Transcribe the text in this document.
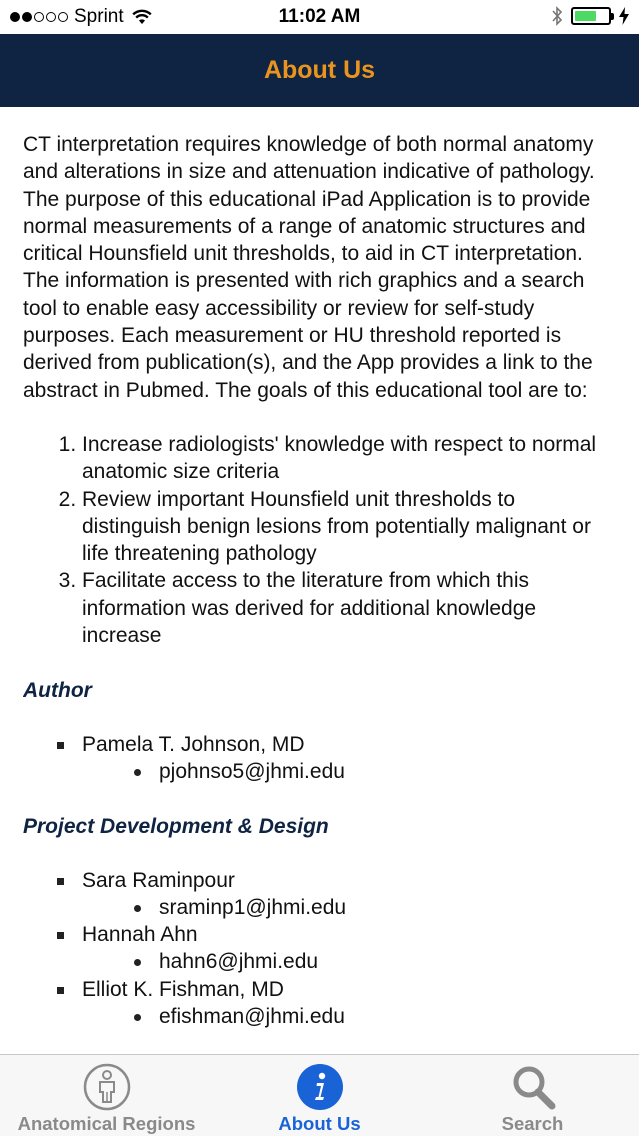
Sprint	11:02 AM
About Us

CT interpretation requires knowledge of both normal anatomy and alterations in size and attenuation indicative of pathology. The purpose of this educational iPad Application is to provide normal measurements of a range of anatomic structures and critical Hounsfield unit thresholds, to aid in CT interpretation. The information is presented with rich graphics and a search tool to enable easy accessibility or review for self-study purposes. Each measurement or HU threshold reported is derived from publication(s), and the App provides a link to the abstract in Pubmed. The goals of this educational tool are to:

1. Increase radiologists' knowledge with respect to normal anatomic size criteria
2. Review important Hounsfield unit thresholds to distinguish benign lesions from potentially malignant or life threatening pathology
3. Facilitate access to the literature from which this information was derived for additional knowledge increase
Author
Pamela T. Johnson, MD
pjohnso5@jhmi.edu
Project Development & Design
Sara Raminpour
sraminp1@jhmi.edu
Hannah Ahn
hahn6@jhmi.edu
Elliot K. Fishman, MD
efishman@jhmi.edu
Anatomical Regions	About Us	Search
